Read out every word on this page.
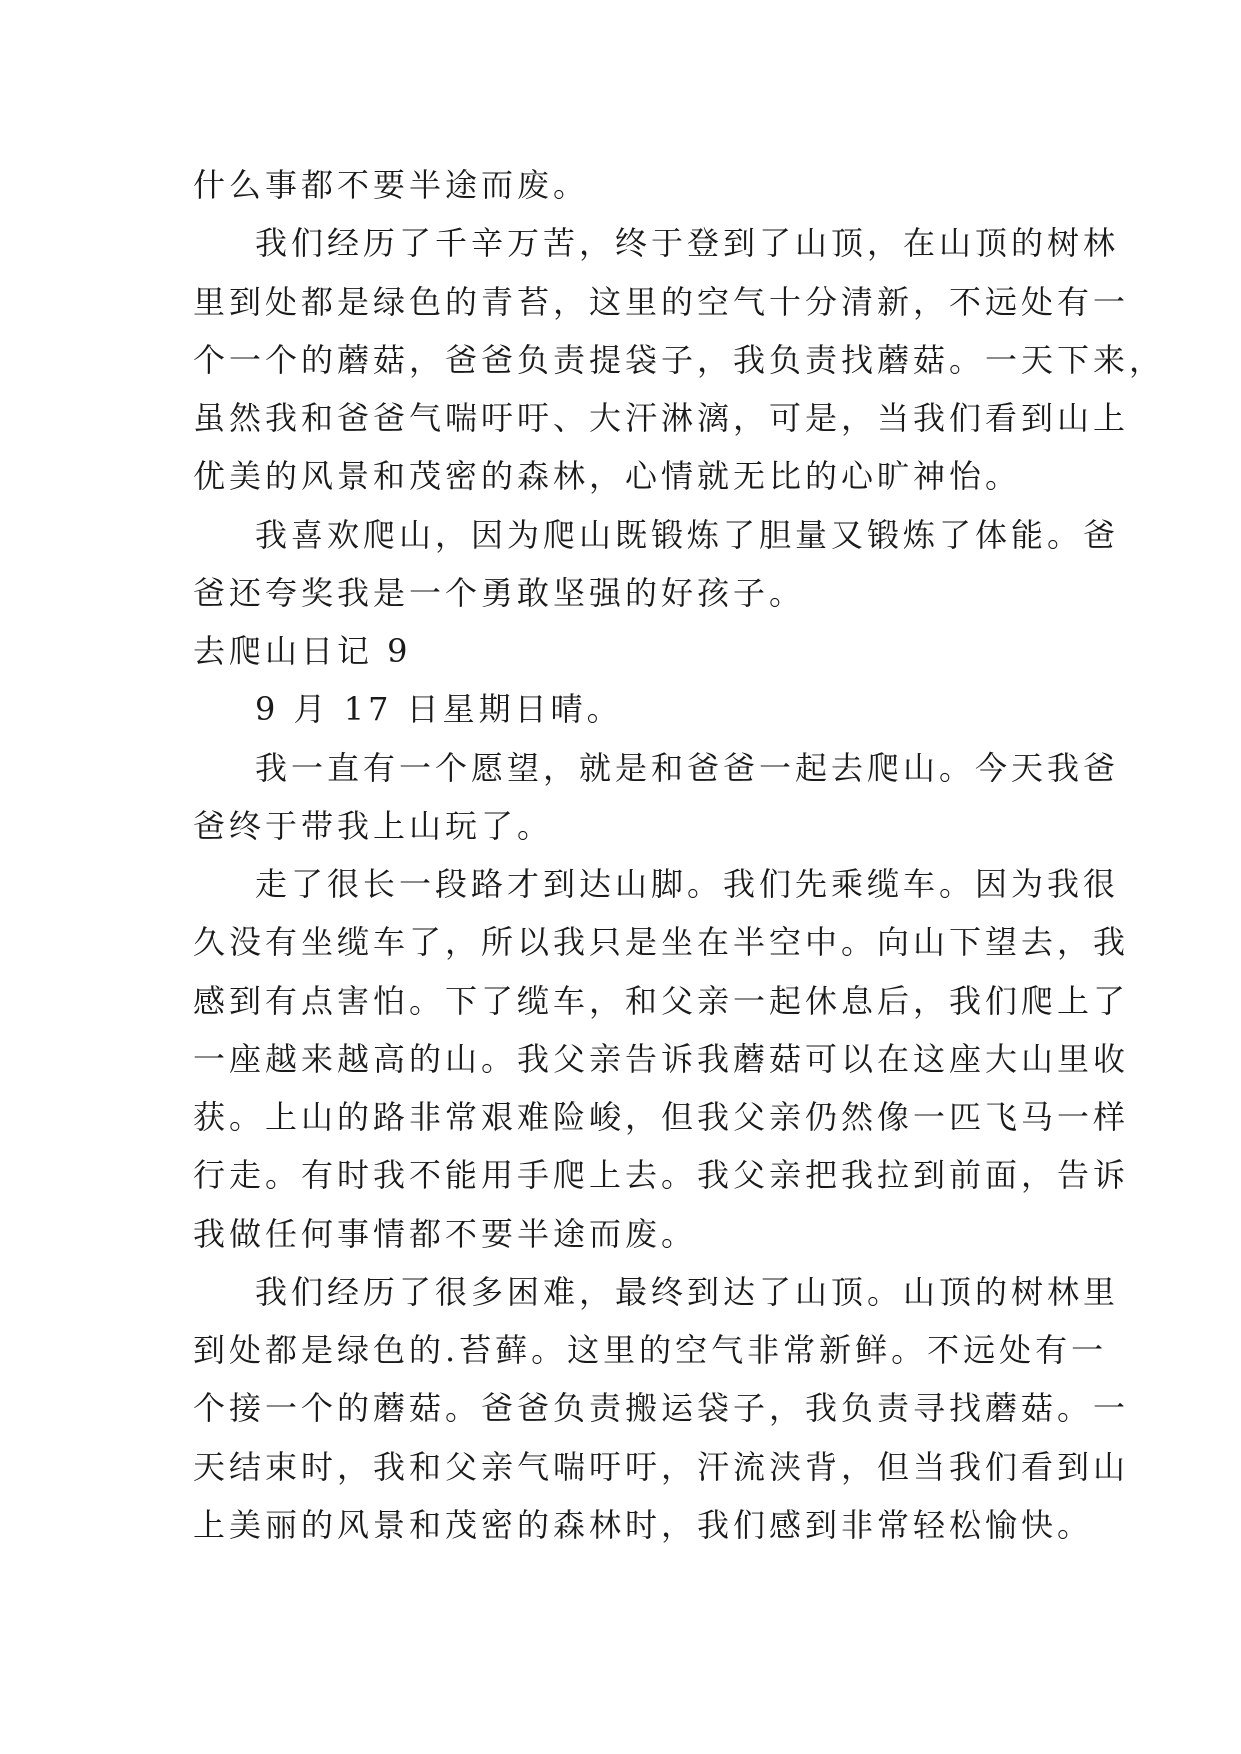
什么事都不要半途而废。
我们经历了千辛万苦，终于登到了山顶，在山顶的树林
里到处都是绿色的青苔，这里的空气十分清新，不远处有一
个一个的蘑菇，爸爸负责提袋子，我负责找蘑菇。一天下来，
虽然我和爸爸气喘吁吁、大汗淋漓，可是，当我们看到山上
优美的风景和茂密的森林，心情就无比的心旷神怡。
我喜欢爬山，因为爬山既锻炼了胆量又锻炼了体能。爸
爸还夸奖我是一个勇敢坚强的好孩子。
去爬山日记 9
9 月 17 日星期日晴。
我一直有一个愿望，就是和爸爸一起去爬山。今天我爸
爸终于带我上山玩了。
走了很长一段路才到达山脚。我们先乘缆车。因为我很
久没有坐缆车了，所以我只是坐在半空中。向山下望去，我
感到有点害怕。下了缆车，和父亲一起休息后，我们爬上了
一座越来越高的山。我父亲告诉我蘑菇可以在这座大山里收
获。上山的路非常艰难险峻，但我父亲仍然像一匹飞马一样
行走。有时我不能用手爬上去。我父亲把我拉到前面，告诉
我做任何事情都不要半途而废。
我们经历了很多困难，最终到达了山顶。山顶的树林里
到处都是绿色的.苔藓。这里的空气非常新鲜。不远处有一
个接一个的蘑菇。爸爸负责搬运袋子，我负责寻找蘑菇。一
天结束时，我和父亲气喘吁吁，汗流浃背，但当我们看到山
上美丽的风景和茂密的森林时，我们感到非常轻松愉快。
